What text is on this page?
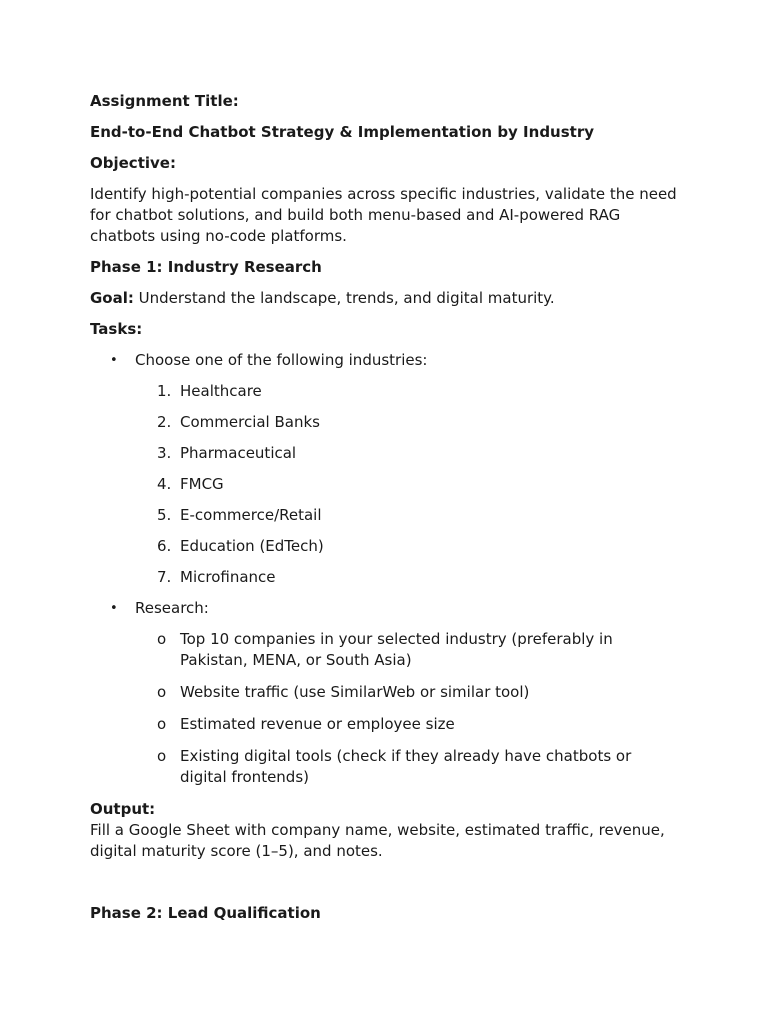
Assignment Title:

End-to-End Chatbot Strategy & Implementation by Industry

Objective:

Identify high-potential companies across specific industries, validate the need for chatbot solutions, and build both menu-based and AI-powered RAG chatbots using no-code platforms.

Phase 1: Industry Research

Goal: Understand the landscape, trends, and digital maturity.

Tasks:

• Choose one of the following industries:
1. Healthcare
2. Commercial Banks
3. Pharmaceutical
4. FMCG
5. E-commerce/Retail
6. Education (EdTech)
7. Microfinance
• Research:
o Top 10 companies in your selected industry (preferably in Pakistan, MENA, or South Asia)
o Website traffic (use SimilarWeb or similar tool)
o Estimated revenue or employee size
o Existing digital tools (check if they already have chatbots or digital frontends)

Output:

Fill a Google Sheet with company name, website, estimated traffic, revenue, digital maturity score (1–5), and notes.

Phase 2: Lead Qualification
